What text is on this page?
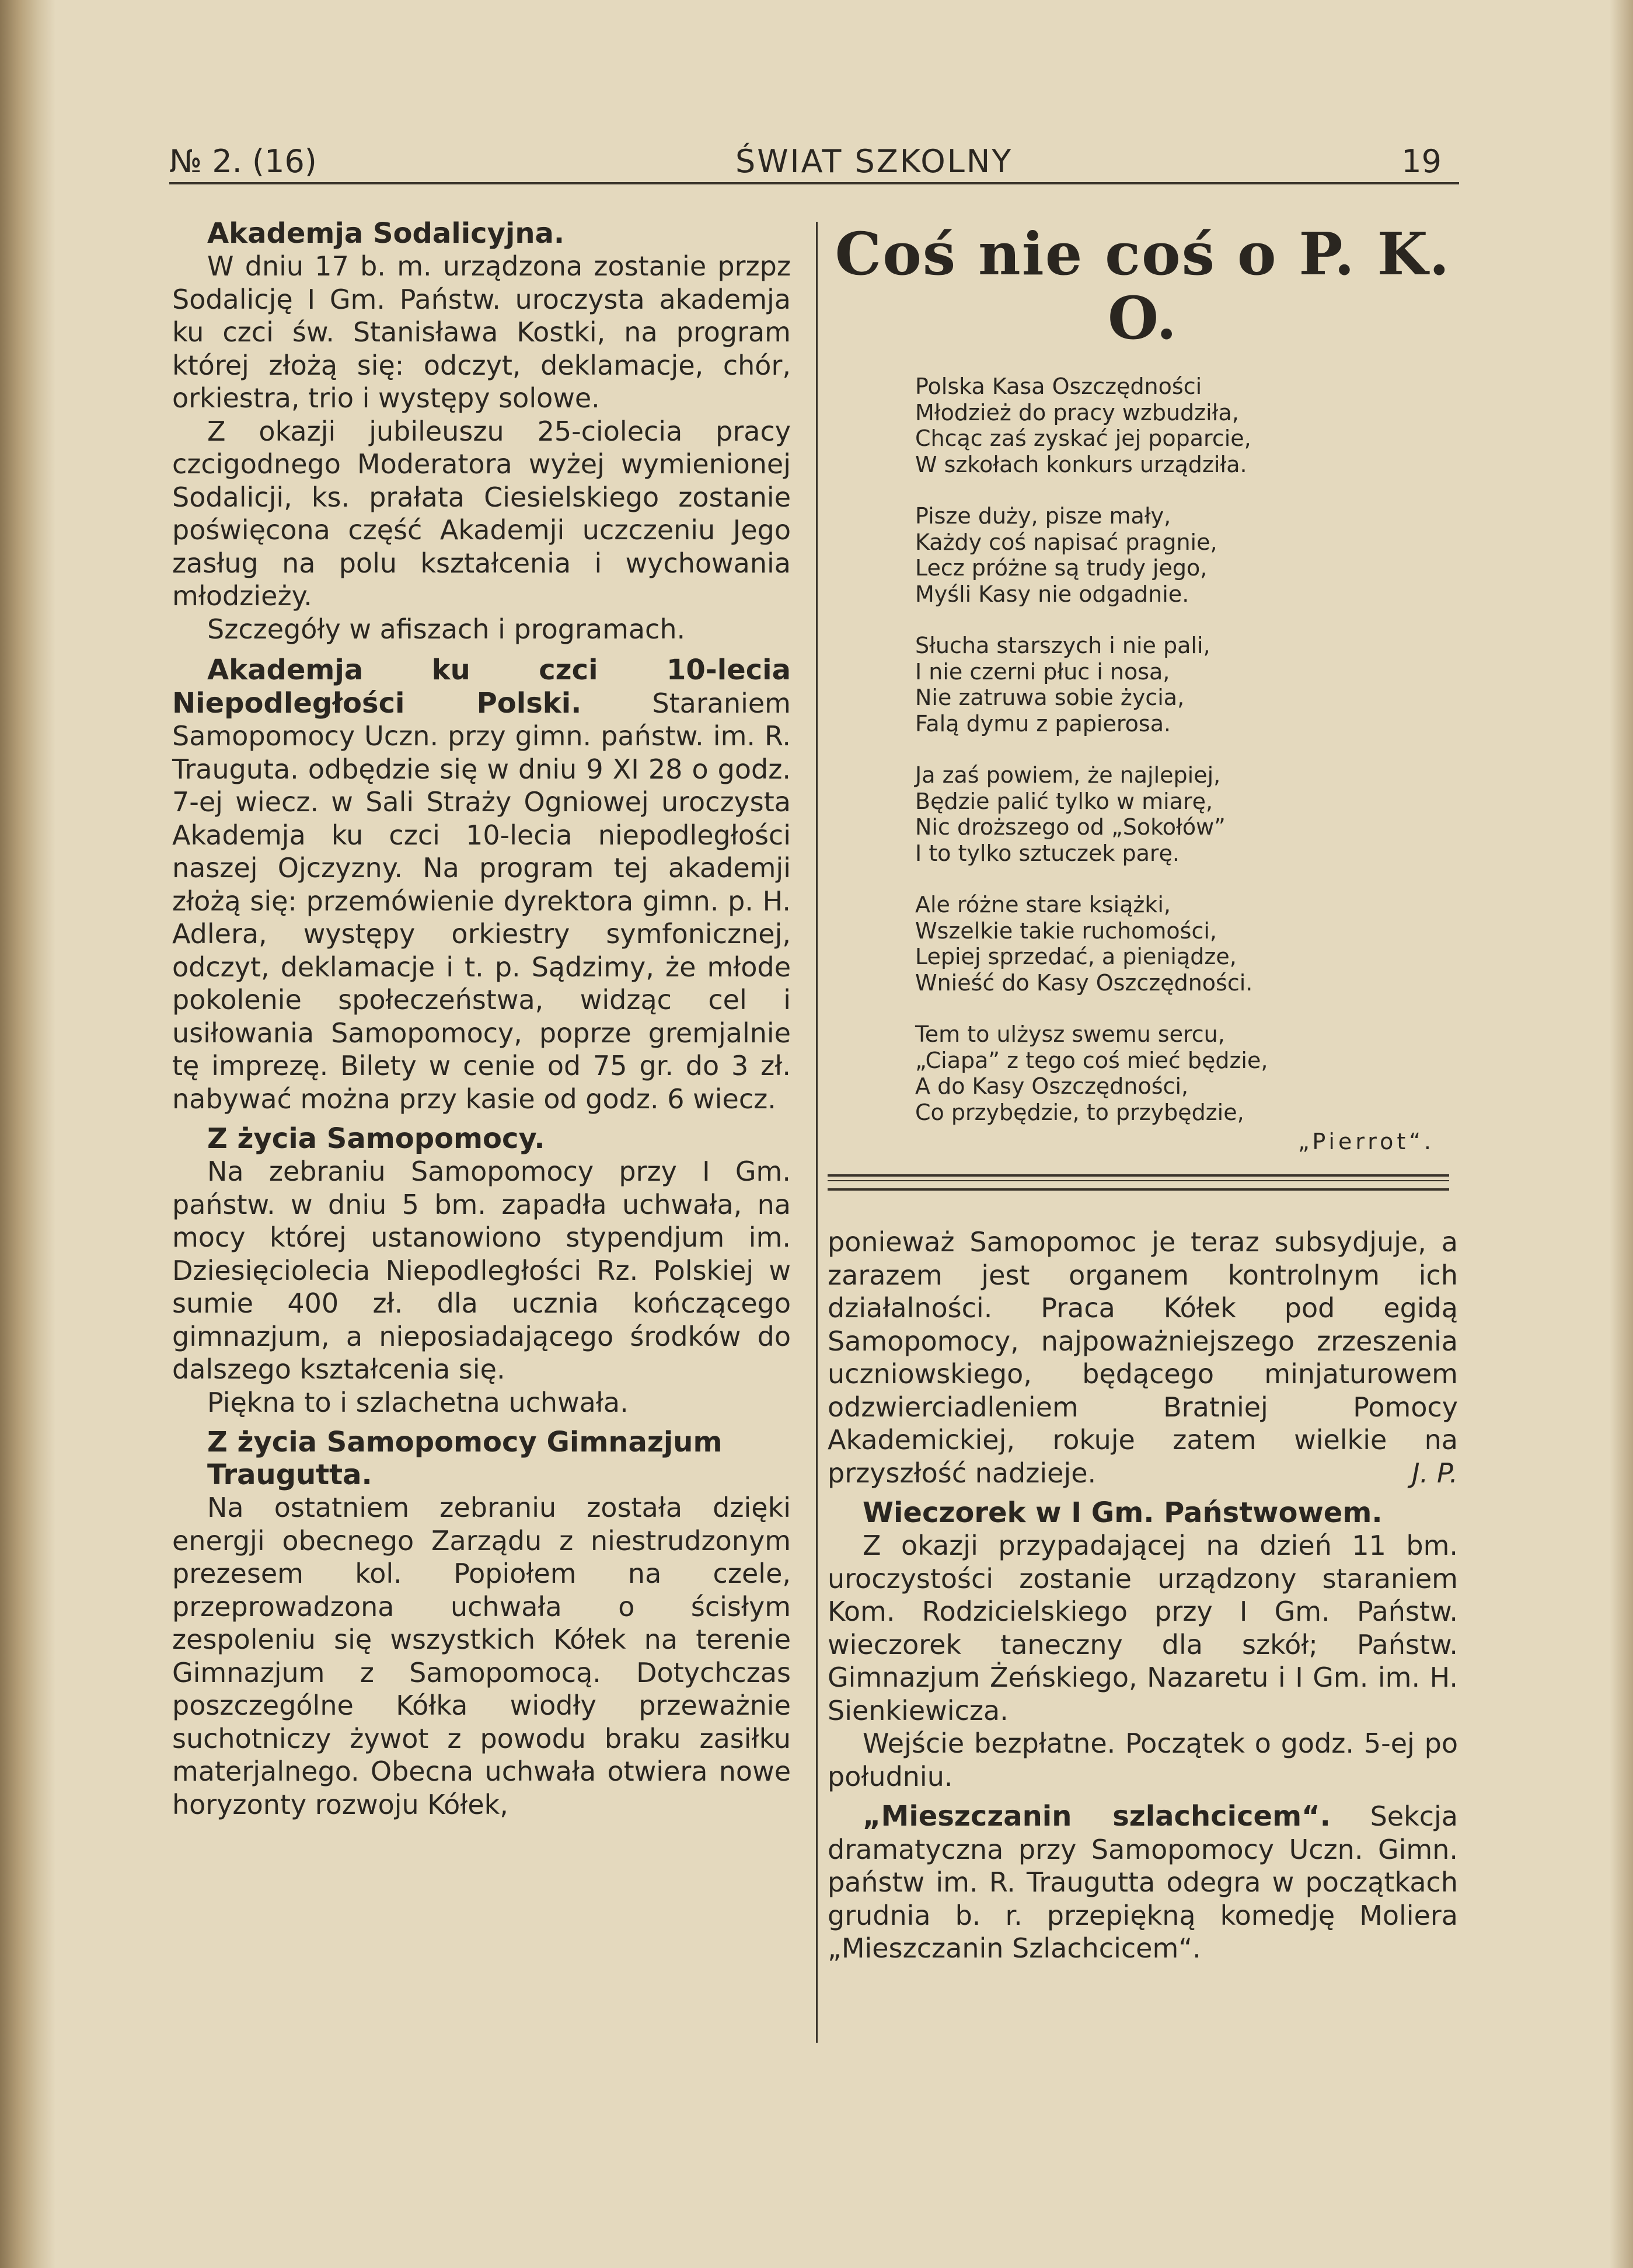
№ 2. (16)	ŚWIAT SZKOLNY	19
Akademja Sodalicyjna.

W dniu 17 b. m. urządzona zostanie przpz Sodalicję I Gm. Państw. uroczysta akademja ku czci św. Stanisława Kostki, na program której złożą się: odczyt, deklamacje, chór, orkiestra, trio i występy solowe.

Z okazji jubileuszu 25-ciolecia pracy czcigodnego Moderatora wyżej wymienionej Sodalicji, ks. prałata Ciesielskiego zostanie poświęcona część Akademji uczczeniu Jego zasług na polu kształcenia i wychowania młodzieży.

Szczegóły w afiszach i programach.

Akademja ku czci 10-lecia Niepodległości Polski. Staraniem Samopomocy Uczn. przy gimn. państw. im. R. Trauguta. odbędzie się w dniu 9 XI 28 o godz. 7-ej wiecz. w Sali Straży Ogniowej uroczysta Akademja ku czci 10-lecia niepodległości naszej Ojczyzny. Na program tej akademji złożą się: przemówienie dyrektora gimn. p. H. Adlera, występy orkiestry symfonicznej, odczyt, deklamacje i t. p. Sądzimy, że młode pokolenie społeczeństwa, widząc cel i usiłowania Samopomocy, poprze gremjalnie tę imprezę. Bilety w cenie od 75 gr. do 3 zł. nabywać można przy kasie od godz. 6 wiecz.

Z życia Samopomocy.

Na zebraniu Samopomocy przy I Gm. państw. w dniu 5 bm. zapadła uchwała, na mocy której ustanowiono stypendjum im. Dziesięciolecia Niepodległości Rz. Polskiej w sumie 400 zł. dla ucznia kończącego gimnazjum, a nieposiadającego środków do dalszego kształcenia się.

Piękna to i szlachetna uchwała.

Z życia Samopomocy Gimnazjum Traugutta.

Na ostatniem zebraniu została dzięki energji obecnego Zarządu z niestrudzonym prezesem kol. Popiołem na czele, przeprowadzona uchwała o ścisłym zespoleniu się wszystkich Kółek na terenie Gimnazjum z Samopomocą. Dotychczas poszczególne Kółka wiodły przeważnie suchotniczy żywot z powodu braku zasiłku materjalnego. Obecna uchwała otwiera nowe horyzonty rozwoju Kółek,

Coś nie coś o P. K. O.
Polska Kasa Oszczędności
Młodzież do pracy wzbudziła,
Chcąc zaś zyskać jej poparcie,
W szkołach konkurs urządziła.
Pisze duży, pisze mały,
Każdy coś napisać pragnie,
Lecz próżne są trudy jego,
Myśli Kasy nie odgadnie.
Słucha starszych i nie pali,
I nie czerni płuc i nosa,
Nie zatruwa sobie życia,
Falą dymu z papierosa.
Ja zaś powiem, że najlepiej,
Będzie palić tylko w miarę,
Nic droższego od „Sokołów”
I to tylko sztuczek parę.
Ale różne stare książki,
Wszelkie takie ruchomości,
Lepiej sprzedać, a pieniądze,
Wnieść do Kasy Oszczędności.
Tem to ulżysz swemu sercu,
„Ciapa” z tego coś mieć będzie,
A do Kasy Oszczędności,
Co przybędzie, to przybędzie,
„Pierrot“.

ponieważ Samopomoc je teraz subsydjuje, a zarazem jest organem kontrolnym ich działalności. Praca Kółek pod egidą Samopomocy, najpoważniejszego zrzeszenia uczniowskiego, będącego minjaturowem odzwierciadleniem Bratniej Pomocy Akademickiej, rokuje zatem wielkie na przyszłość nadzieje.	J. P.

Wieczorek w I Gm. Państwowem.

Z okazji przypadającej na dzień 11 bm. uroczystości zostanie urządzony staraniem Kom. Rodzicielskiego przy I Gm. Państw. wieczorek taneczny dla szkół; Państw. Gimnazjum Żeńskiego, Nazaretu i I Gm. im. H. Sienkiewicza.

Wejście bezpłatne. Początek o godz. 5-ej po południu.

„Mieszczanin szlachcicem“. Sekcja dramatyczna przy Samopomocy Uczn. Gimn. państw im. R. Traugutta odegra w początkach grudnia b. r. przepiękną komedję Moliera „Mieszczanin Szlachcicem“.
